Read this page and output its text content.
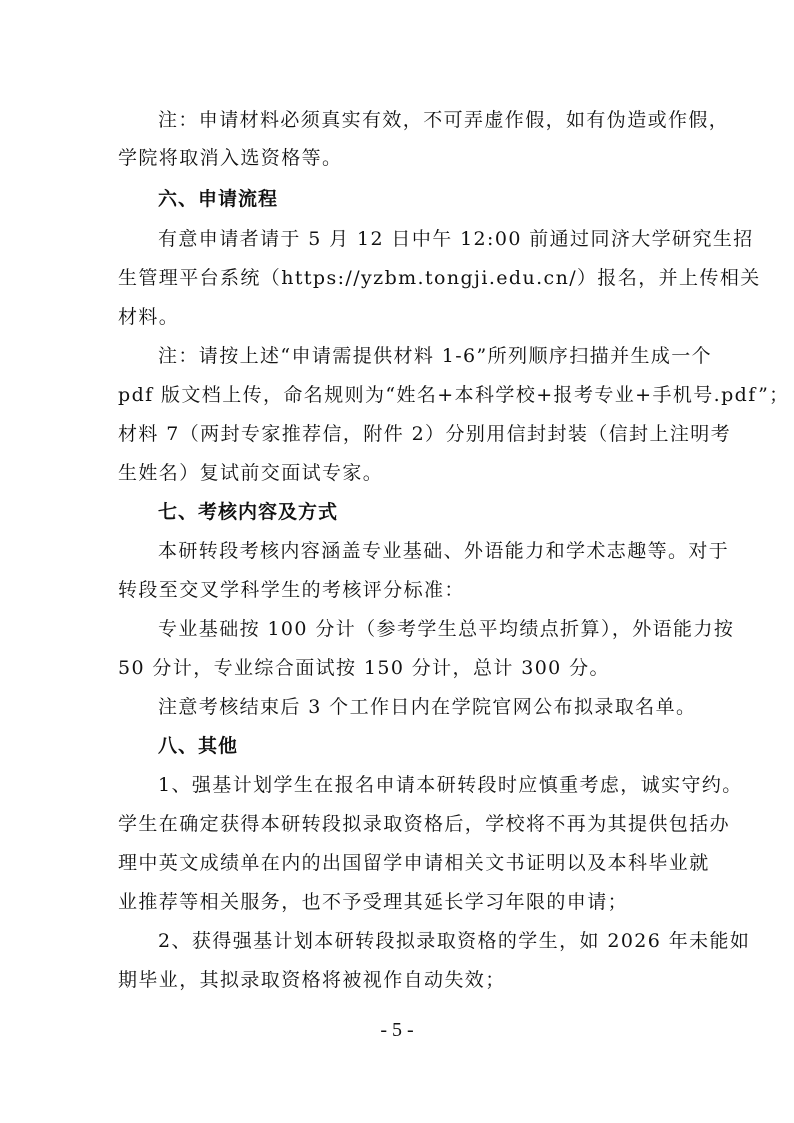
注：申请材料必须真实有效，不可弄虚作假，如有伪造或作假，
学院将取消入选资格等。
六、申请流程
有意申请者请于 5 月 12 日中午 12:00 前通过同济大学研究生招
生管理平台系统（https://yzbm.tongji.edu.cn/）报名，并上传相关
材料。
注：请按上述“申请需提供材料 1-6”所列顺序扫描并生成一个
pdf 版文档上传，命名规则为“姓名+本科学校+报考专业+手机号.pdf”；
材料 7（两封专家推荐信，附件 2）分别用信封封装（信封上注明考
生姓名）复试前交面试专家。
七、考核内容及方式
本研转段考核内容涵盖专业基础、外语能力和学术志趣等。对于
转段至交叉学科学生的考核评分标准：
专业基础按 100 分计（参考学生总平均绩点折算），外语能力按
50 分计，专业综合面试按 150 分计，总计 300 分。
注意考核结束后 3 个工作日内在学院官网公布拟录取名单。
八、其他
1、强基计划学生在报名申请本研转段时应慎重考虑，诚实守约。
学生在确定获得本研转段拟录取资格后，学校将不再为其提供包括办
理中英文成绩单在内的出国留学申请相关文书证明以及本科毕业就
业推荐等相关服务，也不予受理其延长学习年限的申请；
2、获得强基计划本研转段拟录取资格的学生，如 2026 年未能如
期毕业，其拟录取资格将被视作自动失效；
- 5 -
